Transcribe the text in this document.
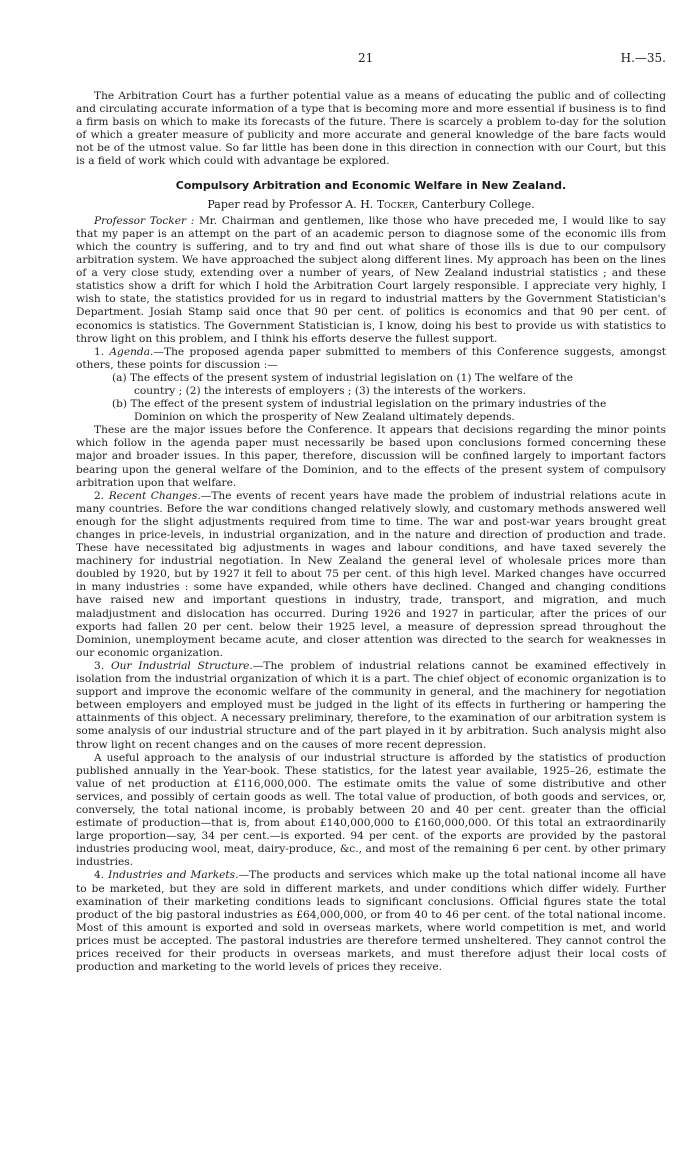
21	H.—35.

The Arbitration Court has a further potential value as a means of educating the public and of collecting and circulating accurate information of a type that is becoming more and more essential if business is to find a firm basis on which to make its forecasts of the future. There is scarcely a problem to-day for the solution of which a greater measure of publicity and more accurate and general knowledge of the bare facts would not be of the utmost value. So far little has been done in this direction in connection with our Court, but this is a field of work which could with advantage be explored.

Compulsory Arbitration and Economic Welfare in New Zealand.
Paper read by Professor A. H. Tocker, Canterbury College.

Professor Tocker : Mr. Chairman and gentlemen, like those who have preceded me, I would like to say that my paper is an attempt on the part of an academic person to diagnose some of the economic ills from which the country is suffering, and to try and find out what share of those ills is due to our compulsory arbitration system. We have approached the subject along different lines. My approach has been on the lines of a very close study, extending over a number of years, of New Zealand industrial statistics ; and these statistics show a drift for which I hold the Arbitration Court largely responsible. I appreciate very highly, I wish to state, the statistics provided for us in regard to industrial matters by the Government Statistician's Department. Josiah Stamp said once that 90 per cent. of politics is economics and that 90 per cent. of economics is statistics. The Government Statistician is, I know, doing his best to provide us with statistics to throw light on this problem, and I think his efforts deserve the fullest support.

1. Agenda.—The proposed agenda paper submitted to members of this Conference suggests, amongst others, these points for discussion :—

(a) The effects of the present system of industrial legislation on (1) The welfare of the
country ; (2) the interests of employers ; (3) the interests of the workers.
(b) The effect of the present system of industrial legislation on the primary industries of the
Dominion on which the prosperity of New Zealand ultimately depends.

These are the major issues before the Conference. It appears that decisions regarding the minor points which follow in the agenda paper must necessarily be based upon conclusions formed concerning these major and broader issues. In this paper, therefore, discussion will be confined largely to important factors bearing upon the general welfare of the Dominion, and to the effects of the present system of compulsory arbitration upon that welfare.

2. Recent Changes.—The events of recent years have made the problem of industrial relations acute in many countries. Before the war conditions changed relatively slowly, and customary methods answered well enough for the slight adjustments required from time to time. The war and post-war years brought great changes in price-levels, in industrial organization, and in the nature and direction of production and trade. These have necessitated big adjustments in wages and labour conditions, and have taxed severely the machinery for industrial negotiation. In New Zealand the general level of wholesale prices more than doubled by 1920, but by 1927 it fell to about 75 per cent. of this high level. Marked changes have occurred in many industries : some have expanded, while others have declined. Changed and changing conditions have raised new and important questions in industry, trade, transport, and migration, and much maladjustment and dislocation has occurred. During 1926 and 1927 in particular, after the prices of our exports had fallen 20 per cent. below their 1925 level, a measure of depression spread throughout the Dominion, unemployment became acute, and closer attention was directed to the search for weaknesses in our economic organization.

3. Our Industrial Structure.—The problem of industrial relations cannot be examined effectively in isolation from the industrial organization of which it is a part. The chief object of economic organization is to support and improve the economic welfare of the community in general, and the machinery for negotiation between employers and employed must be judged in the light of its effects in furthering or hampering the attainments of this object. A necessary preliminary, therefore, to the examination of our arbitration system is some analysis of our industrial structure and of the part played in it by arbitration. Such analysis might also throw light on recent changes and on the causes of more recent depression.

A useful approach to the analysis of our industrial structure is afforded by the statistics of production published annually in the Year-book. These statistics, for the latest year available, 1925–26, estimate the value of net production at £116,000,000. The estimate omits the value of some distributive and other services, and possibly of certain goods as well. The total value of production, of both goods and services, or, conversely, the total national income, is probably between 20 and 40 per cent. greater than the official estimate of production—that is, from about £140,000,000 to £160,000,000. Of this total an extraordinarily large proportion—say, 34 per cent.—is exported. 94 per cent. of the exports are provided by the pastoral industries producing wool, meat, dairy-produce, &c., and most of the remaining 6 per cent. by other primary industries.

4. Industries and Markets.—The products and services which make up the total national income all have to be marketed, but they are sold in different markets, and under conditions which differ widely. Further examination of their marketing conditions leads to significant conclusions. Official figures state the total product of the big pastoral industries as £64,000,000, or from 40 to 46 per cent. of the total national income. Most of this amount is exported and sold in overseas markets, where world competition is met, and world prices must be accepted. The pastoral industries are therefore termed unsheltered. They cannot control the prices received for their products in overseas markets, and must therefore adjust their local costs of production and marketing to the world levels of prices they receive.
